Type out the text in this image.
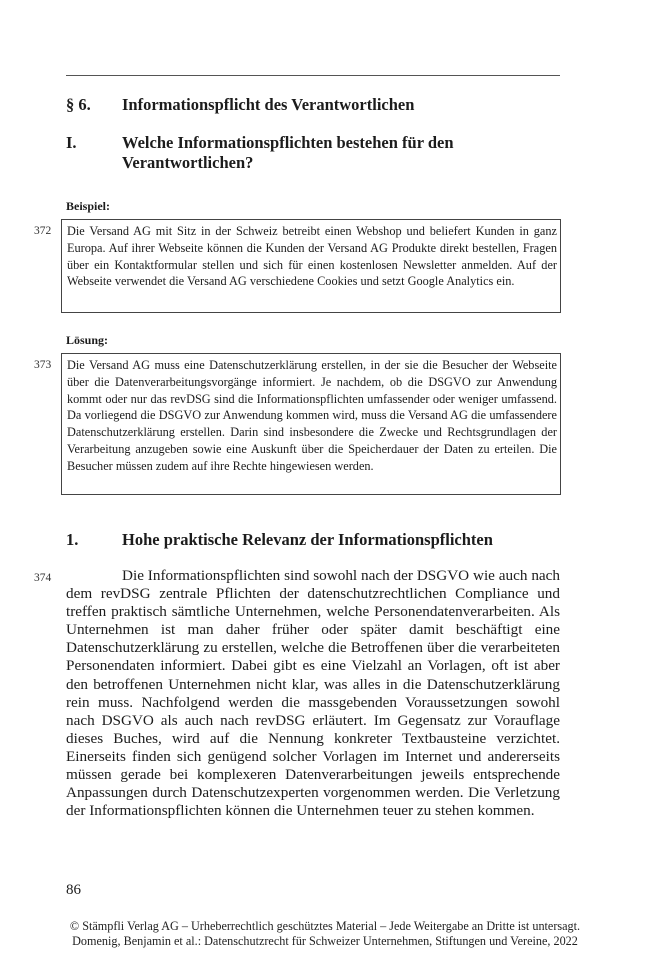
§ 6. Informationspflicht des Verantwortlichen
I.	Welche Informationspflichten bestehen für den Verantwortlichen?
Beispiel:
372	Die Versand AG mit Sitz in der Schweiz betreibt einen Webshop und beliefert Kunden in ganz Europa. Auf ihrer Webseite können die Kunden der Versand AG Produkte direkt bestellen, Fragen über ein Kontaktformular stellen und sich für einen kostenlosen Newsletter anmelden. Auf der Webseite verwendet die Versand AG verschiedene Cookies und setzt Google Analytics ein.
Lösung:
373	Die Versand AG muss eine Datenschutzerklärung erstellen, in der sie die Besucher der Webseite über die Datenverarbeitungsvorgänge informiert. Je nachdem, ob die DSGVO zur Anwendung kommt oder nur das revDSG sind die Informationspflichten umfassender oder weniger umfassend. Da vorliegend die DSGVO zur Anwendung kommen wird, muss die Versand AG die umfassendere Datenschutzerklärung erstellen. Darin sind insbesondere die Zwecke und Rechtsgrundlagen der Verarbeitung anzugeben sowie eine Auskunft über die Speicherdauer der Daten zu erteilen. Die Besucher müssen zudem auf ihre Rechte hingewiesen werden.
1.	Hohe praktische Relevanz der Informationspflichten
374	Die Informationspflichten sind sowohl nach der DSGVO wie auch nach dem revDSG zentrale Pflichten der datenschutzrechtlichen Compliance und treffen praktisch sämtliche Unternehmen, welche Personendatenverarbeiten. Als Unternehmen ist man daher früher oder später damit beschäftigt eine Datenschutzerklärung zu erstellen, welche die Betroffenen über die verarbeiteten Personendaten informiert. Dabei gibt es eine Vielzahl an Vorlagen, oft ist aber den betroffenen Unternehmen nicht klar, was alles in die Datenschutzerklärung rein muss. Nachfolgend werden die massgebenden Voraussetzungen sowohl nach DSGVO als auch nach revDSG erläutert. Im Gegensatz zur Vorauflage dieses Buches, wird auf die Nennung konkreter Textbausteine verzichtet. Einerseits finden sich genügend solcher Vorlagen im Internet und andererseits müssen gerade bei komplexeren Datenverarbeitungen jeweils entsprechende Anpassungen durch Datenschutzexperten vorgenommen werden. Die Verletzung der Informationspflichten können die Unternehmen teuer zu stehen kommen.

86
© Stämpfli Verlag AG – Urheberrechtlich geschütztes Material – Jede Weitergabe an Dritte ist untersagt.
Domenig, Benjamin et al.: Datenschutzrecht für Schweizer Unternehmen, Stiftungen und Vereine, 2022
